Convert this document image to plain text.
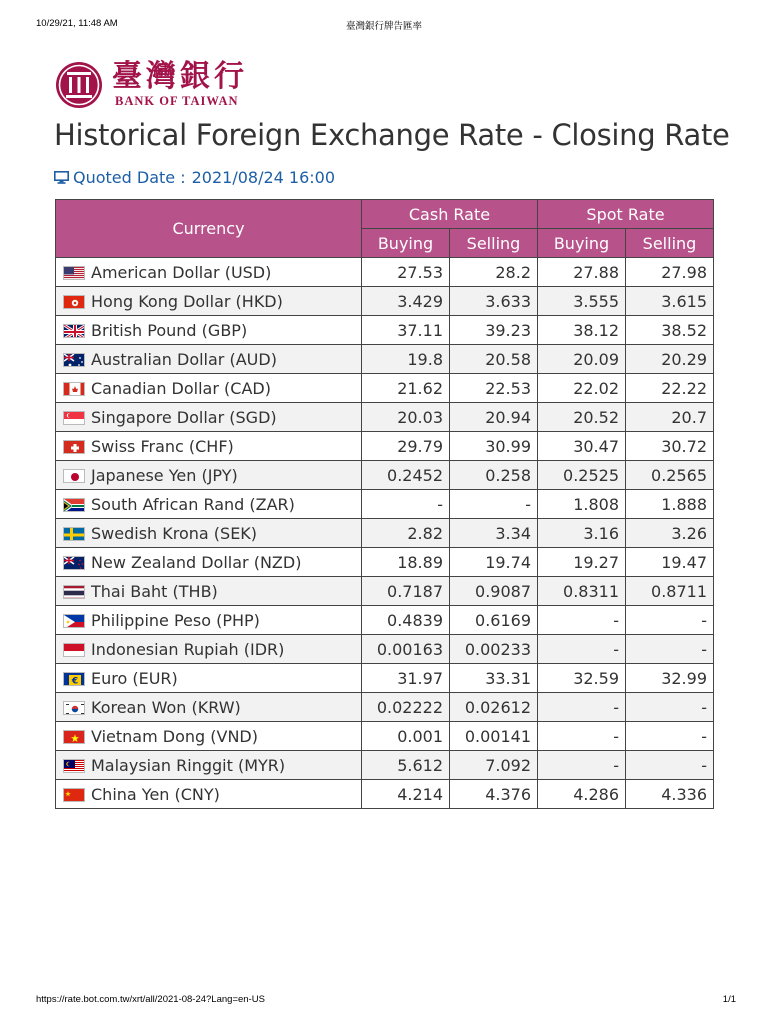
10/29/21, 11:48 AM	臺灣銀行牌告匯率
臺灣銀行
BANK OF TAIWAN
Historical Foreign Exchange Rate - Closing Rate
Quoted Date : 2021/08/24 16:00
Currency	Cash Rate		Spot Rate	
	Buying	Selling	Buying	Selling

American Dollar (USD)	27.53	28.2	27.88	27.98

Hong Kong Dollar (HKD)	3.429	3.633	3.555	3.615

British Pound (GBP)	37.11	39.23	38.12	38.52

Australian Dollar (AUD)	19.8	20.58	20.09	20.29

Canadian Dollar (CAD)	21.62	22.53	22.02	22.22

Singapore Dollar (SGD)	20.03	20.94	20.52	20.7

Swiss Franc (CHF)	29.79	30.99	30.47	30.72

Japanese Yen (JPY)	0.2452	0.258	0.2525	0.2565

South African Rand (ZAR)	-	-	1.808	1.888

Swedish Krona (SEK)	2.82	3.34	3.16	3.26

New Zealand Dollar (NZD)	18.89	19.74	19.27	19.47

Thai Baht (THB)	0.7187	0.9087	0.8311	0.8711

Philippine Peso (PHP)	0.4839	0.6169	-	-

Indonesian Rupiah (IDR)	0.00163	0.00233	-	-

€ Euro (EUR)	31.97	33.31	32.59	32.99

Korean Won (KRW)	0.02222	0.02612	-	-

Vietnam Dong (VND)	0.001	0.00141	-	-

Malaysian Ringgit (MYR)	5.612	7.092	-	-

China Yen (CNY)	4.214	4.376	4.286	4.336
https://rate.bot.com.tw/xrt/all/2021-08-24?Lang=en-US	1/1
